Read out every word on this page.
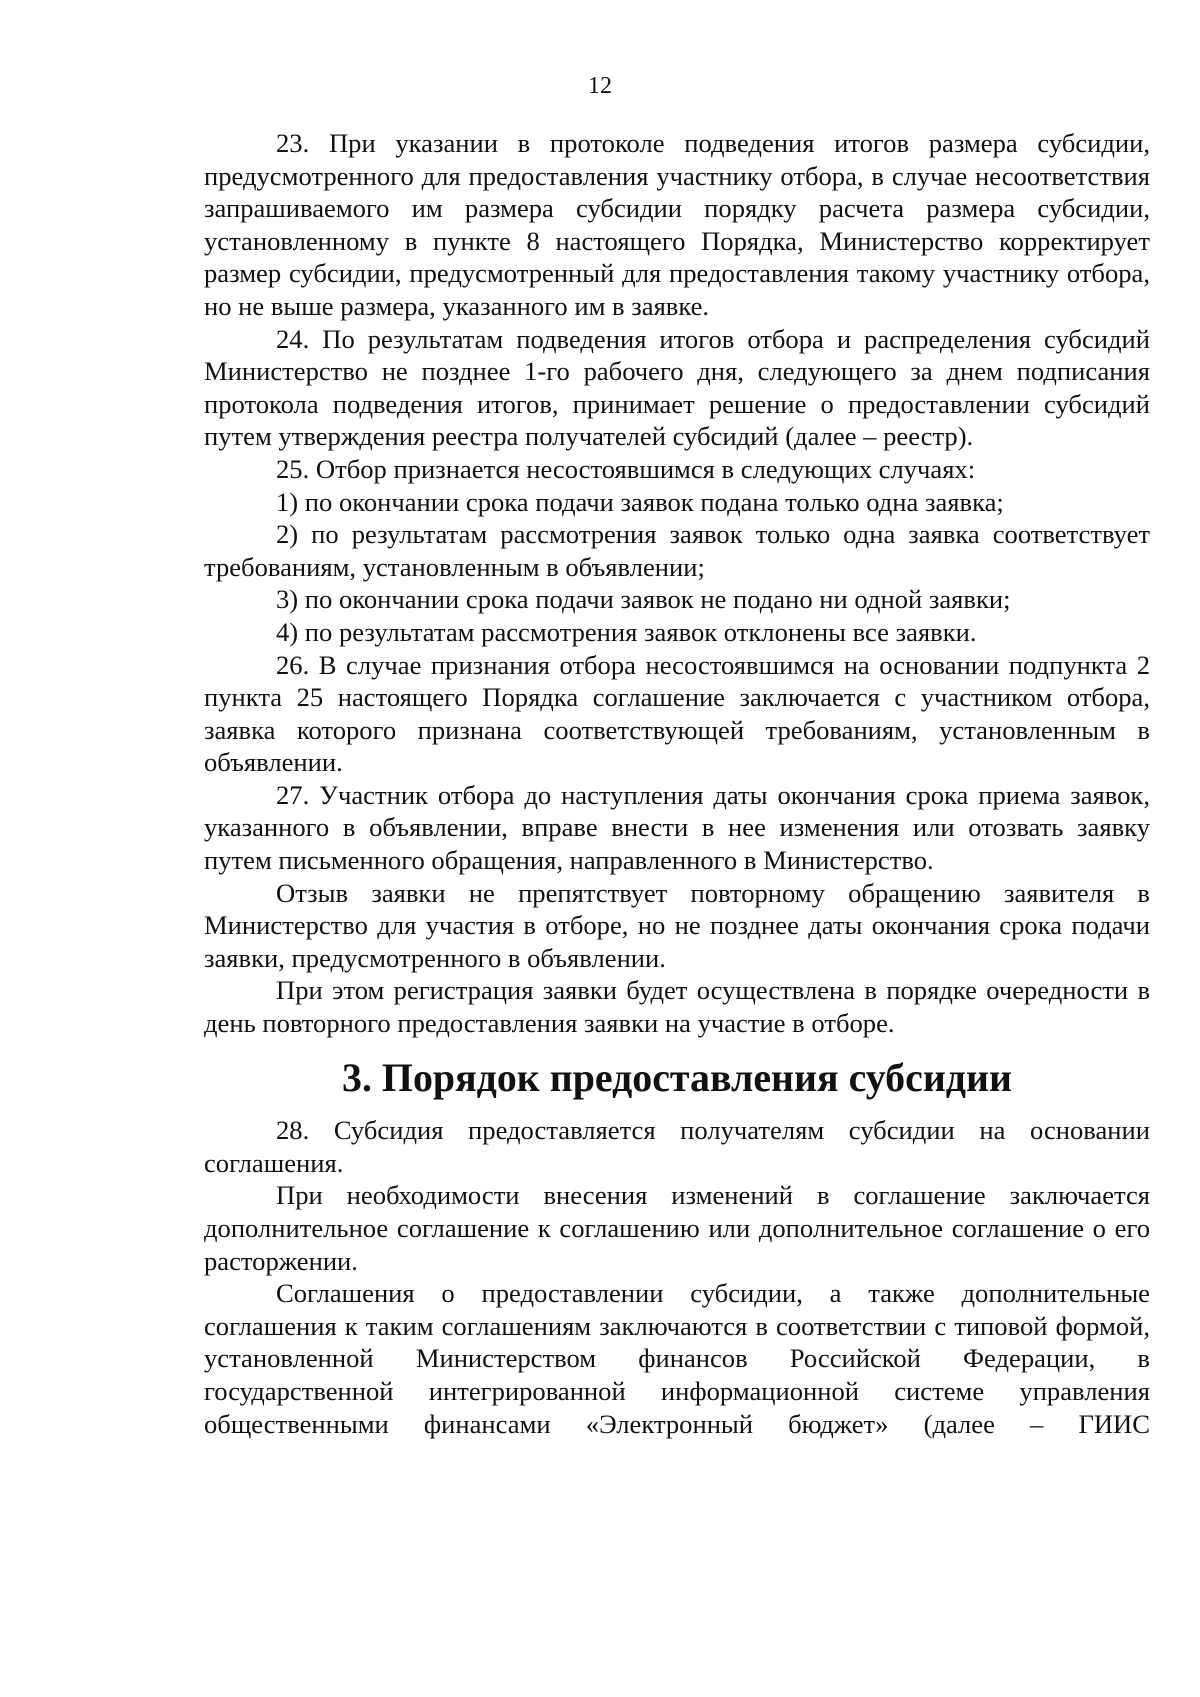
12

23. При указании в протоколе подведения итогов размера субсидии, предусмотренного для предоставления участнику отбора, в случае несоответствия запрашиваемого им размера субсидии порядку расчета размера субсидии, установленному в пункте 8 настоящего Порядка, Министерство корректирует размер субсидии, предусмотренный для предоставления такому участнику отбора, но не выше размера, указанного им в заявке.

24. По результатам подведения итогов отбора и распределения субсидий Министерство не позднее 1-го рабочего дня, следующего за днем подписания протокола подведения итогов, принимает решение о предоставлении субсидий путем утверждения реестра получателей субсидий (далее – реестр).

25. Отбор признается несостоявшимся в следующих случаях:

1) по окончании срока подачи заявок подана только одна заявка;

2) по результатам рассмотрения заявок только одна заявка соответствует требованиям, установленным в объявлении;

3) по окончании срока подачи заявок не подано ни одной заявки;

4) по результатам рассмотрения заявок отклонены все заявки.

26. В случае признания отбора несостоявшимся на основании подпункта 2 пункта 25 настоящего Порядка соглашение заключается с участником отбора, заявка которого признана соответствующей требованиям, установленным в объявлении.

27. Участник отбора до наступления даты окончания срока приема заявок, указанного в объявлении, вправе внести в нее изменения или отозвать заявку путем письменного обращения, направленного в Министерство.

Отзыв заявки не препятствует повторному обращению заявителя в Министерство для участия в отборе, но не позднее даты окончания срока подачи заявки, предусмотренного в объявлении.

При этом регистрация заявки будет осуществлена в порядке очередности в день повторного предоставления заявки на участие в отборе.

3. Порядок предоставления субсидии

28. Субсидия предоставляется получателям субсидии на основании соглашения.

При необходимости внесения изменений в соглашение заключается дополнительное соглашение к соглашению или дополнительное соглашение о его расторжении.

Соглашения о предоставлении субсидии, а также дополнительные соглашения к таким соглашениям заключаются в соответствии с типовой формой, установленной Министерством финансов Российской Федерации, в государственной интегрированной информационной системе управления общественными финансами «Электронный бюджет» (далее – ГИИС
